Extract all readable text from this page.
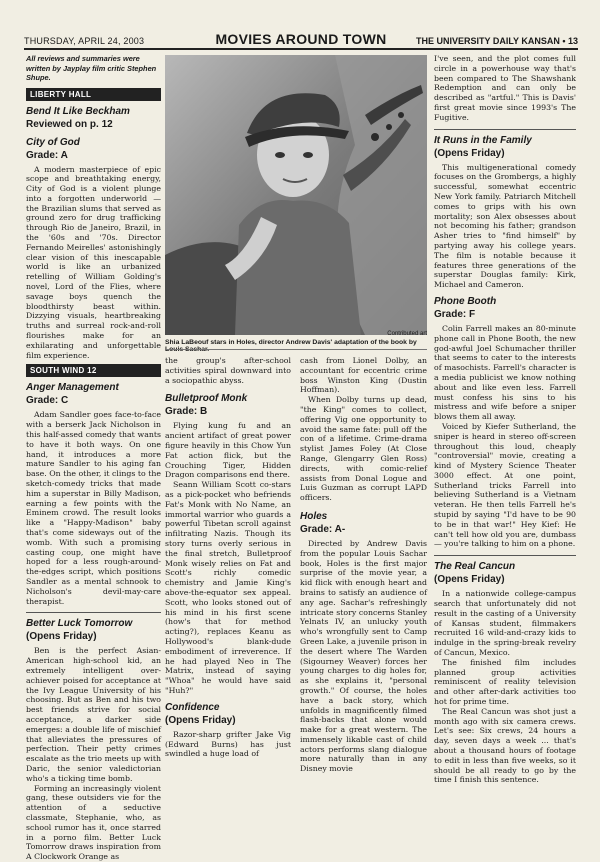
THURSDAY, APRIL 24, 2003	MOVIES AROUND TOWN	THE UNIVERSITY DAILY KANSAN • 13
All reviews and summaries were written by Jayplay film critic Stephen Shupe.
LIBERTY HALL
Bend It Like Beckham
Reviewed on p. 12
City of God
Grade: A

A modern masterpiece of epic scope and breathtaking energy, City of God is a violent plunge into a forgotten underworld — the Brazilian slums that served as ground zero for drug trafficking through Rio de Janeiro, Brazil, in the '60s and '70s. Director Fernando Meirelles' astonishingly clear vision of this inescapable world is like an urbanized retelling of William Golding's novel, Lord of the Flies, where savage boys quench the bloodthirsty beast within. Dizzying visuals, heartbreaking truths and surreal rock-and-roll flourishes make for an exhilarating and unforgettable film experience.

SOUTH WIND 12
Anger Management
Grade: C

Adam Sandler goes face-to-face with a berserk Jack Nicholson in this half-assed comedy that wants to have it both ways. On one hand, it introduces a more mature Sandler to his aging fan base. On the other, it clings to the sketch-comedy tricks that made him a superstar in Billy Madison, earning a few points with the Eminem crowd. The result looks like a "Happy-Madison" baby that's come sideways out of the womb. With such a promising casting coup, one might have hoped for a less rough-around-the-edges script, which positions Sandler as a mental schnook to Nicholson's devil-may-care therapist.

Better Luck Tomorrow
(Opens Friday)

Ben is the perfect Asian-American high-school kid, an extremely intelligent over-achiever poised for acceptance at the Ivy League University of his choosing. But as Ben and his two best friends strive for social acceptance, a darker side emerges: a double life of mischief that alleviates the pressures of perfection. Their petty crimes escalate as the trio meets up with Daric, the senior valedictorian who's a ticking time bomb.

Forming an increasingly violent gang, these outsiders vie for the attention of a seductive classmate, Stephanie, who, as school rumor has it, once starred in a porno film. Better Luck Tomorrow draws inspiration from A Clockwork Orange as

Contributed art
Shia LaBeouf stars in Holes, director Andrew Davis' adaptation of the book by Louis Sachar.

the group's after-school activities spiral downward into a sociopathic abyss.

Bulletproof Monk
Grade: B

Flying kung fu and an ancient artifact of great power figure heavily in this Chow Yun Fat action flick, but the Crouching Tiger, Hidden Dragon comparisons end there.

Seann William Scott co-stars as a pick-pocket who befriends Fat's Monk with No Name, an immortal warrior who guards a powerful Tibetan scroll against infiltrating Nazis. Though its story turns overly serious in the final stretch, Bulletproof Monk wisely relies on Fat and Scott's richly comedic chemistry and Jamie King's above-the-equator sex appeal. Scott, who looks stoned out of his mind in his first scene (how's that for method acting?), replaces Keanu as Hollywood's blank-dude embodiment of irreverence. If he had played Neo in The Matrix, instead of saying "Whoa" he would have said "Huh?"

Confidence
(Opens Friday)

Razor-sharp grifter Jake Vig (Edward Burns) has just swindled a huge load of

cash from Lionel Dolby, an accountant for eccentric crime boss Winston King (Dustin Hoffman).

When Dolby turns up dead, "the King" comes to collect, offering Vig one opportunity to avoid the same fate: pull off the con of a lifetime. Crime-drama stylist James Foley (At Close Range, Glengarry Glen Ross) directs, with comic-relief assists from Donal Logue and Luis Guzman as corrupt LAPD officers.

Holes
Grade: A-

Directed by Andrew Davis from the popular Louis Sachar book, Holes is the first major surprise of the movie year, a kid flick with enough heart and brains to satisfy an audience of any age. Sachar's refreshingly intricate story concerns Stanley Yelnats IV, an unlucky youth who's wrongfully sent to Camp Green Lake, a juvenile prison in the desert where The Warden (Sigourney Weaver) forces her young charges to dig holes for, as she explains it, "personal growth." Of course, the holes have a back story, which unfolds in magnificently filmed flash-backs that alone would make for a great western. The immensely likable cast of child actors performs slang dialogue more naturally than in any Disney movie

I've seen, and the plot comes full circle in a powerhouse way that's been compared to The Shawshank Redemption and can only be described as "artful." This is Davis' first great movie since 1993's The Fugitive.

It Runs in the Family
(Opens Friday)

This multigenerational comedy focuses on the Grombergs, a highly successful, somewhat eccentric New York family. Patriarch Mitchell comes to grips with his own mortality; son Alex obsesses about not becoming his father; grandson Asher tries to "find himself" by partying away his college years. The film is notable because it features three generations of the superstar Douglas family: Kirk, Michael and Cameron.

Phone Booth
Grade: F

Colin Farrell makes an 80-minute phone call in Phone Booth, the new god-awful Joel Schumacher thriller that seems to cater to the interests of masochists. Farrell's character is a media publicist we know nothing about and like even less. Farrell must confess his sins to his mistress and wife before a sniper blows them all away.

Voiced by Kiefer Sutherland, the sniper is heard in stereo off-screen throughout this loud, cheaply "controversial" movie, creating a kind of Mystery Science Theater 3000 effect. At one point, Sutherland tricks Farrell into believing Sutherland is a Vietnam veteran. He then tells Farrell he's stupid by saying "I'd have to be 90 to be in that war!" Hey Kief: He can't tell how old you are, dumbass — you're talking to him on a phone.

The Real Cancun
(Opens Friday)

In a nationwide college-campus search that unfortunately did not result in the casting of a University of Kansas student, filmmakers recruited 16 wild-and-crazy kids to indulge in the spring-break revelry of Cancun, Mexico.

The finished film includes planned group activities reminiscent of reality television and other after-dark activities too hot for prime time.

The Real Cancun was shot just a month ago with six camera crews. Let's see: Six crews, 24 hours a day, seven days a week ... that's about a thousand hours of footage to edit in less than five weeks, so it should be all ready to go by the time I finish this sentence.
